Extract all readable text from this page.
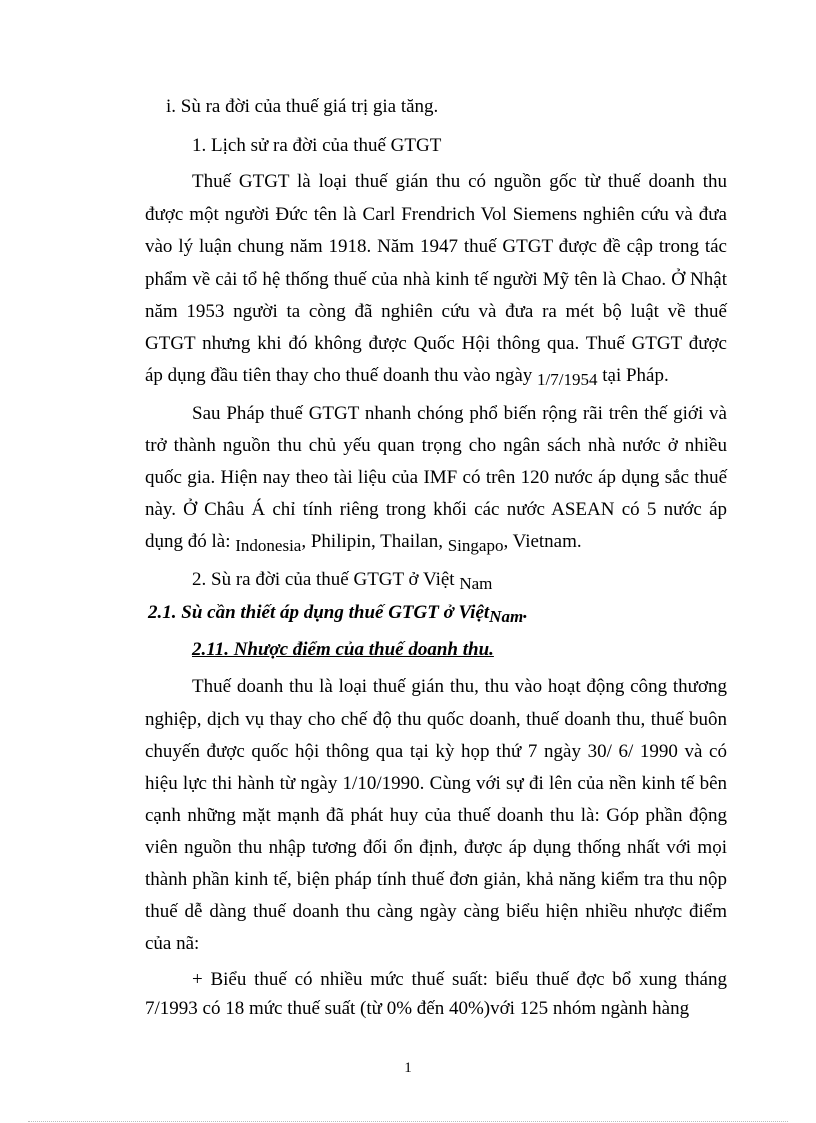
i. Sù ra đời của thuế giá trị gia tăng.
1. Lịch sử ra đời của thuế GTGT
Thuế GTGT là loại thuế gián thu có nguồn gốc từ thuế doanh thu
được một người Đức tên là Carl Frendrich Vol Siemens nghiên cứu và đưa
vào lý luận chung năm 1918. Năm 1947 thuế GTGT được đề cập trong tác
phẩm về cải tổ hệ thống thuế của nhà kinh tế người Mỹ tên là Chao. Ở Nhật
năm 1953 người ta còng đã nghiên cứu và đưa ra mét bộ luật về thuế
GTGT nhưng khi đó không được Quốc Hội thông qua. Thuế GTGT được
áp dụng đầu tiên thay cho thuế doanh thu vào ngày 1/7/1954 tại Pháp.
Sau Pháp thuế GTGT nhanh chóng phổ biến rộng rãi trên thế giới và
trở thành nguồn thu chủ yếu quan trọng cho ngân sách nhà nước ở nhiều
quốc gia. Hiện nay theo tài liệu của IMF có trên 120 nước áp dụng sắc thuế
này. Ở Châu Á chỉ tính riêng trong khối các nước ASEAN có 5 nước áp
dụng đó là: Indonesia, Philipin, Thailan, Singapo, Vietnam.
2. Sù ra đời của thuế GTGT ở Việt Nam
2.1. Sù cần thiết áp dụng thuế GTGT ở ViệtNam.
2.11. Nhược điểm của thuế doanh thu.
Thuế doanh thu là loại thuế gián thu, thu vào hoạt động công thương
nghiệp, dịch vụ thay cho chế độ thu quốc doanh, thuế doanh thu, thuế buôn
chuyến được quốc hội thông qua tại kỳ họp thứ 7 ngày 30/ 6/ 1990 và có
hiệu lực thi hành từ ngày 1/10/1990. Cùng với sự đi lên của nền kinh tế bên
cạnh những mặt mạnh đã phát huy của thuế doanh thu là: Góp phần động
viên nguồn thu nhập tương đối ổn định, được áp dụng thống nhất với mọi
thành phần kinh tế, biện pháp tính thuế đơn giản, khả năng kiểm tra thu nộp
thuế dễ dàng thuế doanh thu càng ngày càng biểu hiện nhiều nhược điểm
của nã:
+ Biểu thuế có nhiều mức thuế suất: biểu thuế đợc bổ xung tháng
7/1993 có 18 mức thuế suất (từ 0% đến 40%)với 125 nhóm ngành hàng
1
